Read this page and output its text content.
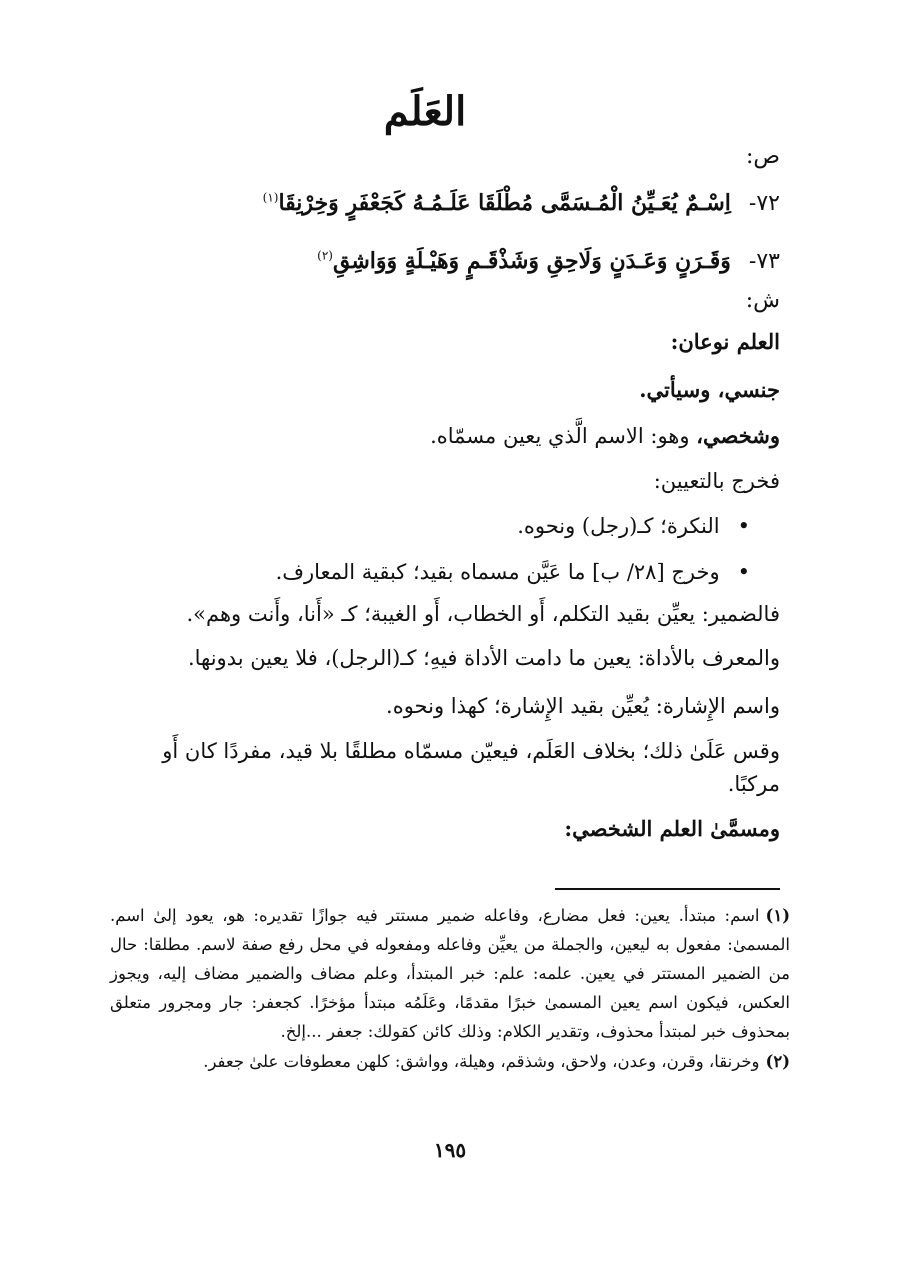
العَلَم
ص:
٧٢-اِسْـمٌ يُعَـيِّنُ الْمُـسَمَّى مُطْلَقَا عَلَـمُـهُ كَجَعْفَرٍ وَخِرْنِقَا$^{(١)}$
٧٣-وَقَـرَنٍ وَعَـدَنٍ وَلَاحِقِ وَشَذْقَـمٍ وَهَيْـلَةٍ وَوَاشِقِ$^{(٢)}$
ش:
العلم نوعان:
جنسي، وسيأتي.
وشخصي، وهو: الاسم الَّذي يعين مسمّاه.
فخرج بالتعيين:
• النكرة؛ كـ(رجل) ونحوه.
• وخرج [٢٨/ ب] ما عَيَّن مسماه بقيد؛ كبقية المعارف.
فالضمير: يعيِّن بقيد التكلم، أَو الخطاب، أَو الغيبة؛ كـ «أَنا، وأَنت وهم».
والمعرف بالأداة: يعين ما دامت الأداة فيهِ؛ كـ(الرجل)، فلا يعين بدونها.
واسم الإِشارة: يُعيِّن بقيد الإِشارة؛ كهذا ونحوه.
وقس عَلَىٰ ذلك؛ بخلاف العَلَم، فيعيّن مسمّاه مطلقًا بلا قيد، مفردًا كان أَو مركبًا.
ومسمَّىٰ العلم الشخصي:

(١)اسم: مبتدأ. يعين: فعل مضارع، وفاعله ضمير مستتر فيه جوازًا تقديره: هو، يعود إلىٰ اسم. المسمىٰ: مفعول به ليعين، والجملة من يعيِّن وفاعله ومفعوله في محل رفع صفة لاسم. مطلقا: حال من الضمير المستتر في يعين. علمه: علم: خبر المبتدأ، وعلم مضاف والضمير مضاف إليه، ويجوز العكس، فيكون اسم يعين المسمىٰ خبرًا مقدمًا، وعَلَمُه مبتدأ مؤخرًا. كجعفر: جار ومجرور متعلق بمحذوف خبر لمبتدأ محذوف، وتقدير الكلام: وذلك كائن كقولك: جعفر ...إلخ.

(٢)وخرنقا، وقرن، وعدن، ولاحق، وشذقم، وهيلة، وواشق: كلهن معطوفات علىٰ جعفر.

١٩٥
